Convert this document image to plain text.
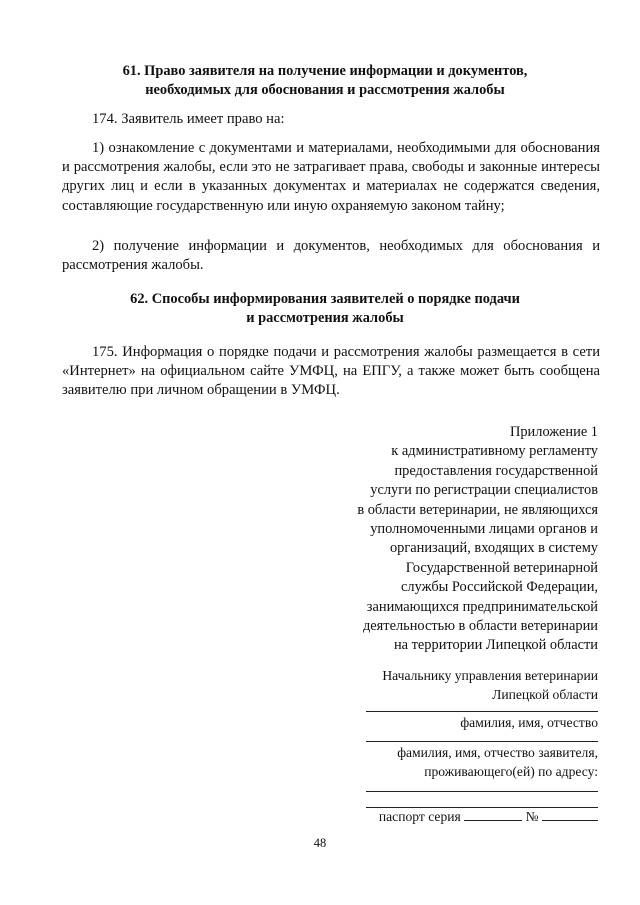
61. Право заявителя на получение информации и документов,
необходимых для обоснования и рассмотрения жалобы
174. Заявитель имеет право на:
1) ознакомление с документами и материалами, необходимыми для обоснования и рассмотрения жалобы, если это не затрагивает права, свободы и законные интересы других лиц и если в указанных документах и материалах не содержатся сведения, составляющие государственную или иную охраняемую законом тайну;
2) получение информации и документов, необходимых для обоснования и рассмотрения жалобы.
62. Способы информирования заявителей о порядке подачи
и рассмотрения жалобы
175. Информация о порядке подачи и рассмотрения жалобы размещается в сети «Интернет» на официальном сайте УМФЦ, на ЕПГУ, а также может быть сообщена заявителю при личном обращении в УМФЦ.
Приложение 1
к административному регламенту
предоставления государственной
услуги по регистрации специалистов
в области ветеринарии, не являющихся
уполномоченными лицами органов и
организаций, входящих в систему
Государственной ветеринарной
службы Российской Федерации,
занимающихся предпринимательской
деятельностью в области ветеринарии
на территории Липецкой области
Начальнику управления ветеринарии
Липецкой области
фамилия, имя, отчество
фамилия, имя, отчество заявителя,
проживающего(ей) по адресу:
паспорт серия	№
48
